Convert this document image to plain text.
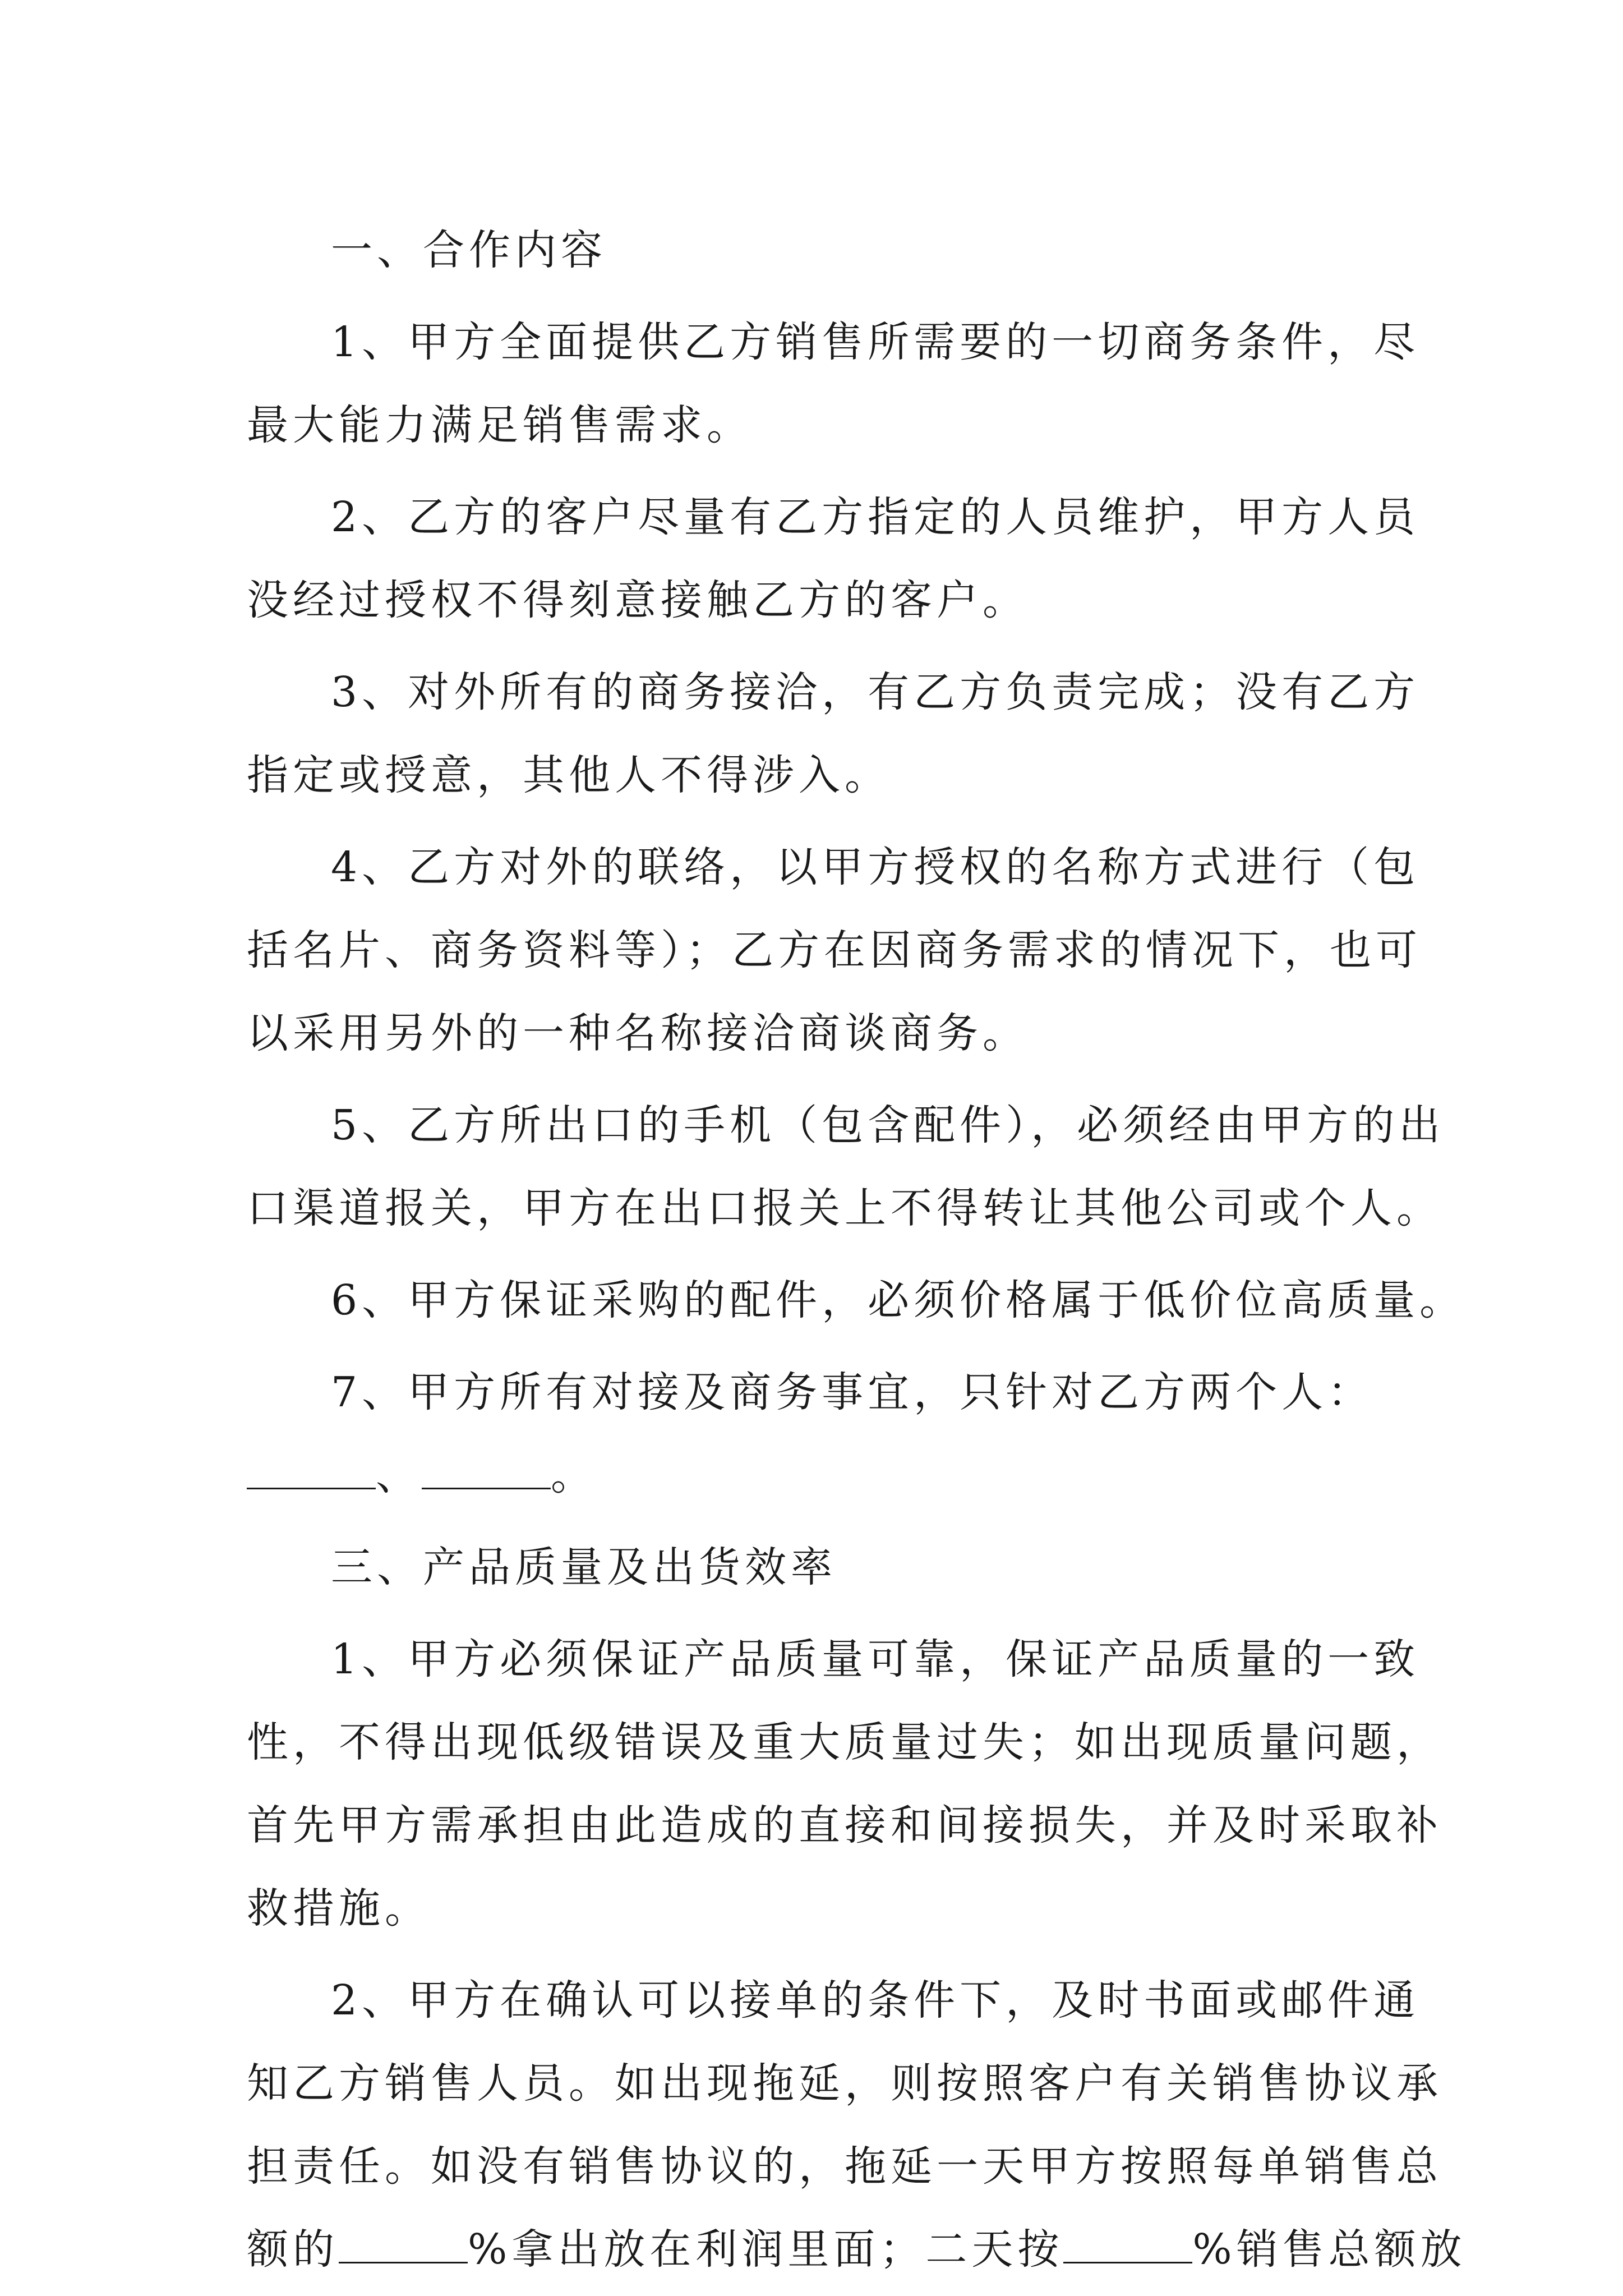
一、合作内容
1、甲方全面提供乙方销售所需要的一切商务条件，尽
最大能力满足销售需求。
2、乙方的客户尽量有乙方指定的人员维护，甲方人员
没经过授权不得刻意接触乙方的客户。
3、对外所有的商务接洽，有乙方负责完成；没有乙方
指定或授意，其他人不得涉入。
4、乙方对外的联络，以甲方授权的名称方式进行（包
括名片、商务资料等）；乙方在因商务需求的情况下，也可
以采用另外的一种名称接洽商谈商务。
5、乙方所出口的手机（包含配件），必须经由甲方的出
口渠道报关，甲方在出口报关上不得转让其他公司或个人。
6、甲方保证采购的配件，必须价格属于低价位高质量。
7、甲方所有对接及商务事宜，只针对乙方两个人：
、	。
三、产品质量及出货效率
1、甲方必须保证产品质量可靠，保证产品质量的一致
性，不得出现低级错误及重大质量过失；如出现质量问题，
首先甲方需承担由此造成的直接和间接损失，并及时采取补
救措施。
2、甲方在确认可以接单的条件下，及时书面或邮件通
知乙方销售人员。如出现拖延，则按照客户有关销售协议承
担责任。如没有销售协议的，拖延一天甲方按照每单销售总
额的	%拿出放在利润里面；二天按	%销售总额放
